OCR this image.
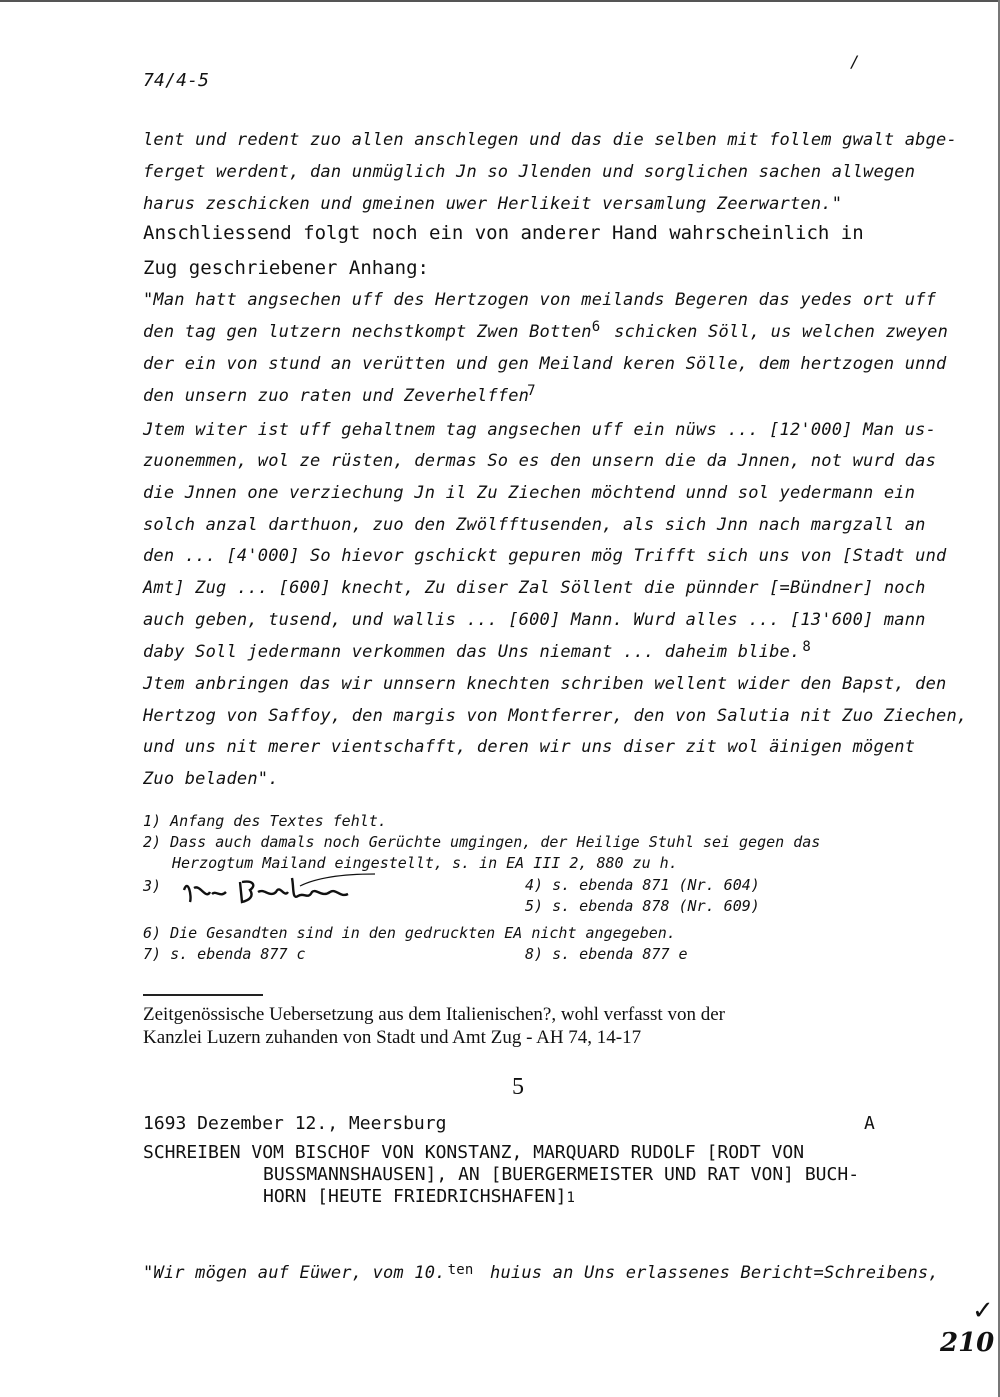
74/4-5
/
lent und redent zuo allen anschlegen und das die selben mit follem gwalt abge-
ferget werdent, dan unmüglich Jn so Jlenden und sorglichen sachen allwegen
harus zeschicken und gmeinen uwer Herlikeit versamlung Zeerwarten."
Anschliessend folgt noch ein von anderer Hand wahrscheinlich in
Zug geschriebener Anhang:
"Man hatt angsechen uff des Hertzogen von meilands Begeren das yedes ort uff
den tag gen lutzern nechstkompt Zwen Botten 6 schicken Söll, us welchen zweyen
der ein von stund an verütten und gen Meiland keren Sölle, dem hertzogen unnd
den unsern zuo raten und Zeverhelffen
7
Jtem witer ist uff gehaltnem tag angsechen uff ein nüws ... [12'000] Man us-
zuonemmen, wol ze rüsten, dermas So es den unsern die da Jnnen, not wurd das
die Jnnen one verziechung Jn il Zu Ziechen möchtend unnd sol yedermann ein
solch anzal darthuon, zuo den Zwölfftusenden, als sich Jnn nach margzall an
den ... [4'000] So hievor gschickt gepuren mög Trifft sich uns von [Stadt und
Amt] Zug ... [600] knecht, Zu diser Zal Söllent die pünnder [=Bündner] noch
auch geben, tusend, und wallis ... [600] Mann. Wurd alles ... [13'600] mann
daby Soll jedermann verkommen das Uns niemant ... daheim blibe. 8
Jtem anbringen das wir unnsern knechten schriben wellent wider den Bapst, den
Hertzog von Saffoy, den margis von Montferrer, den von Salutia nit Zuo Ziechen,
und uns nit merer vientschafft, deren wir uns diser zit wol äinigen mögent
Zuo beladen".
1) Anfang des Textes fehlt.
2) Dass auch damals noch Gerüchte umgingen, der Heilige Stuhl sei gegen das
Herzogtum Mailand eingestellt, s. in EA III 2, 880 zu h.
3)	4) s. ebenda 871 (Nr. 604)
5) s. ebenda 878 (Nr. 609)
6) Die Gesandten sind in den gedruckten EA nicht angegeben.
7) s. ebenda 877 c	8) s. ebenda 877 e
Zeitgenössische Uebersetzung aus dem Italienischen?, wohl verfasst von der
Kanzlei Luzern zuhanden von Stadt und Amt Zug - AH 74, 14-17
5
1693 Dezember 12., Meersburg	A
SCHREIBEN VOM BISCHOF VON KONSTANZ, MARQUARD RUDOLF [RODT VON
BUSSMANNSHAUSEN], AN [BUERGERMEISTER UND RAT VON] BUCH-
HORN [HEUTE FRIEDRICHSHAFEN] 1
"Wir mögen auf Eüwer, vom 10. ten huius an Uns erlassenes Bericht=Schreibens,
✓
210
